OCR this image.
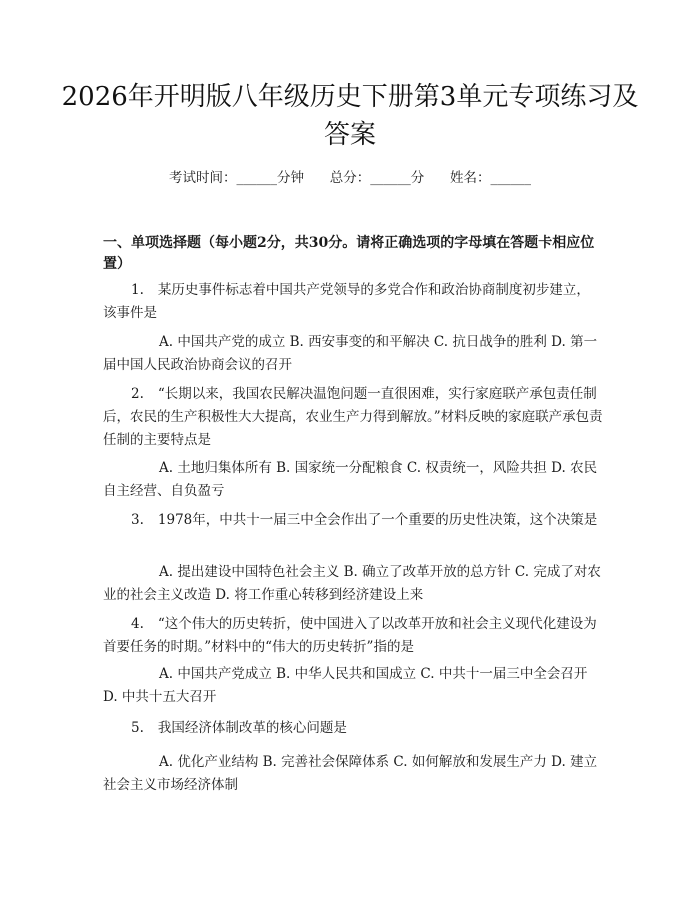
2026年开明版八年级历史下册第3单元专项练习及答案
考试时间：______分钟      总分：______分      姓名：______
一、单项选择题（每小题2分，共30分。请将正确选项的字母填在答题卡相应位置）
1. 某历史事件标志着中国共产党领导的多党合作和政治协商制度初步建立，该事件是
A. 中国共产党的成立 B. 西安事变的和平解决 C. 抗日战争的胜利 D. 第一届中国人民政治协商会议的召开
2. “长期以来，我国农民解决温饱问题一直很困难，实行家庭联产承包责任制后，农民的生产积极性大大提高，农业生产力得到解放。”材料反映的家庭联产承包责任制的主要特点是
A. 土地归集体所有 B. 国家统一分配粮食 C. 权责统一，风险共担 D. 农民自主经营、自负盈亏
3. 1978年，中共十一届三中全会作出了一个重要的历史性决策，这个决策是
A. 提出建设中国特色社会主义 B. 确立了改革开放的总方针 C. 完成了对农业的社会主义改造 D. 将工作重心转移到经济建设上来
4. “这个伟大的历史转折，使中国进入了以改革开放和社会主义现代化建设为首要任务的时期。”材料中的“伟大的历史转折”指的是
A. 中国共产党成立 B. 中华人民共和国成立 C. 中共十一届三中全会召开 D. 中共十五大召开
5. 我国经济体制改革的核心问题是
A. 优化产业结构 B. 完善社会保障体系 C. 如何解放和发展生产力 D. 建立社会主义市场经济体制
